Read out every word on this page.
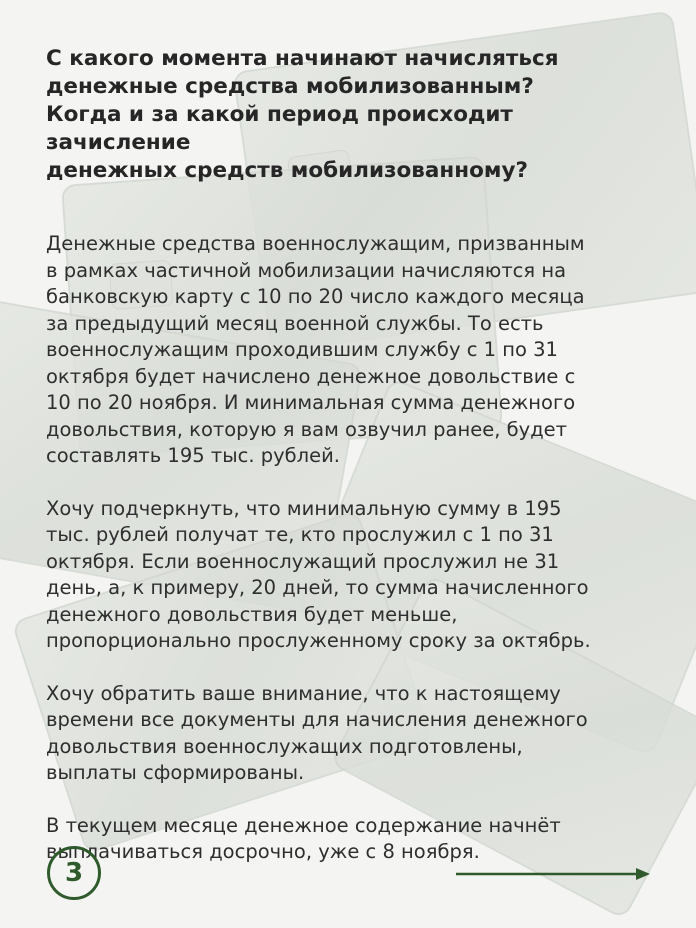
С какого момента начинают начисляться
денежные средства мобилизованным?
Когда и за какой период происходит зачисление
денежных средств мобилизованному?

Денежные средства военнослужащим, призванным
в рамках частичной мобилизации начисляются на
банковскую карту с 10 по 20 число каждого месяца
за предыдущий месяц военной службы. То есть
военнослужащим проходившим службу с 1 по 31
октября будет начислено денежное довольствие с
10 по 20 ноября. И минимальная сумма денежного
довольствия, которую я вам озвучил ранее, будет
составлять 195 тыс. рублей.

Хочу подчеркнуть, что минимальную сумму в 195
тыс. рублей получат те, кто прослужил с 1 по 31
октября. Если военнослужащий прослужил не 31
день, а, к примеру, 20 дней, то сумма начисленного
денежного довольствия будет меньше,
пропорционально прослуженному сроку за октябрь.

Хочу обратить ваше внимание, что к настоящему
времени все документы для начисления денежного
довольствия военнослужащих подготовлены,
выплаты сформированы.

В текущем месяце денежное содержание начнёт
выплачиваться досрочно, уже с 8 ноября.

3
